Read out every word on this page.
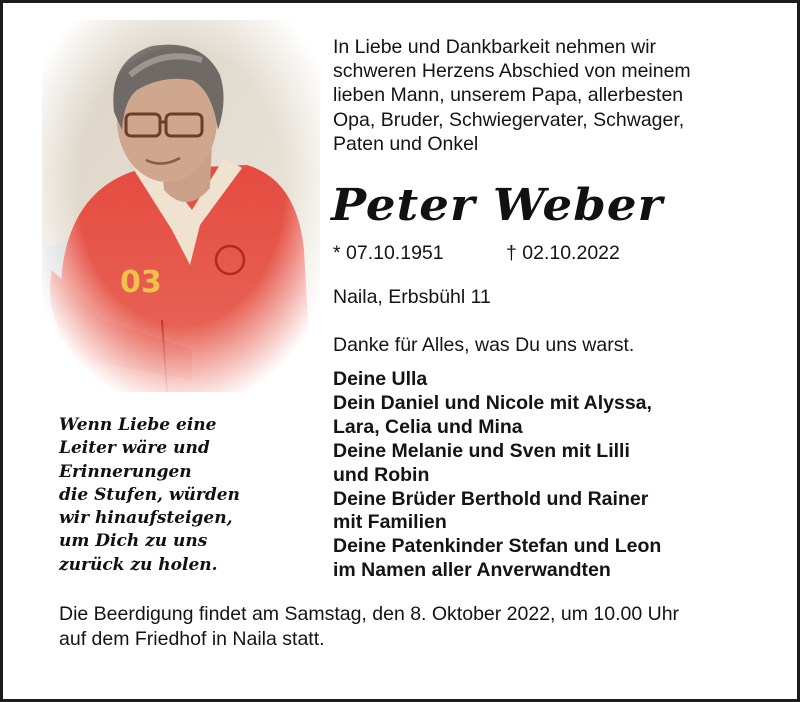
In Liebe und Dankbarkeit nehmen wir
schweren Herzens Abschied von meinem
lieben Mann, unserem Papa, allerbesten
Opa, Bruder, Schwiegervater, Schwager,
Paten und Onkel

Peter Weber
* 07.10.1951	† 02.10.2022

Naila, Erbsbühl 11

Danke für Alles, was Du uns warst.

Deine Ulla
Dein Daniel und Nicole mit Alyssa,
Lara, Celia und Mina
Deine Melanie und Sven mit Lilli
und Robin
Deine Brüder Berthold und Rainer
mit Familien
Deine Patenkinder Stefan und Leon
im Namen aller Anverwandten

Wenn Liebe eine
Leiter wäre und
Erinnerungen
die Stufen, würden
wir hinaufsteigen,
um Dich zu uns
zurück zu holen.

Die Beerdigung findet am Samstag, den 8. Oktober 2022, um 10.00 Uhr
auf dem Friedhof in Naila statt.
